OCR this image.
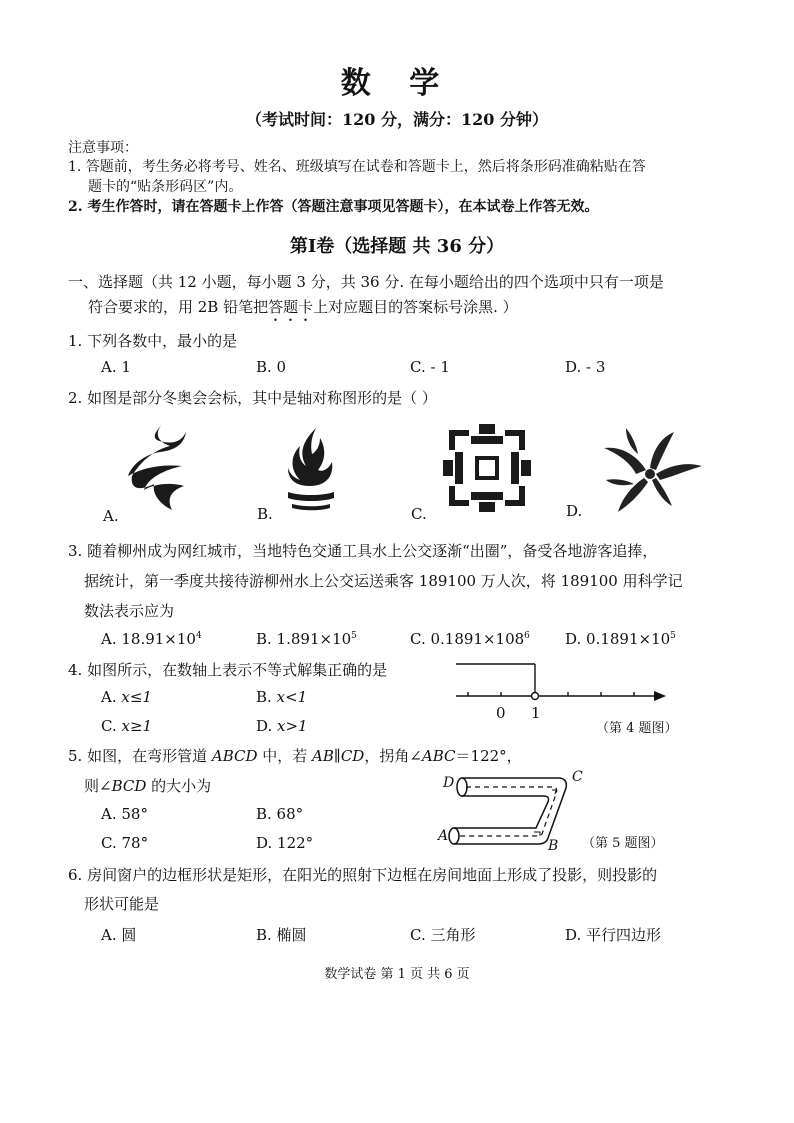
数 学
（考试时间：120 分，满分：120 分钟）
注意事项：
1. 答题前，考生务必将考号、姓名、班级填写在试卷和答题卡上，然后将条形码准确粘贴在答
题卡的“贴条形码区”内。
2. 考生作答时，请在答题卡上作答（答题注意事项见答题卡），在本试卷上作答无效。
第Ⅰ卷（选择题 共 36 分）
一、选择题（共 12 小题，每小题 3 分，共 36 分. 在每小题给出的四个选项中只有一项是
符合要求的，用 2B 铅笔把答题卡上对应题目的答案标号涂黑. ）
1. 下列各数中，最小的是
A. 1	B. 0	C. - 1	D. - 3
2. 如图是部分冬奥会会标，其中是轴对称图形的是（ ）
A.	B.	C.	D.
3. 随着柳州成为网红城市，当地特色交通工具水上公交逐渐“出圈”，备受各地游客追捧，
据统计，第一季度共接待游柳州水上公交运送乘客 189100 万人次，将 189100 用科学记
数法表示应为
A. $18.91\times 10^4$	B. $1.891\times 10^5$	C. $0.1891\times 108^6$ D. $0.1891\times 10^5$
4. 如图所示，在数轴上表示不等式解集正确的是
A. x≤1	B. x<1
C. x≥1	D. x>1
0 1
（第 4 题图）
5. 如图，在弯形管道 ABCD 中，若 AB∥CD，拐角∠ABC＝122°，
则∠BCD 的大小为
A. 58°	B. 68°
C. 78°	D. 122°
D	C
A
B （第 5 题图）
6. 房间窗户的边框形状是矩形，在阳光的照射下边框在房间地面上形成了投影，则投影的
形状可能是
A. 圆	B. 椭圆	C. 三角形	D. 平行四边形
数学试卷 第 1 页 共 6 页
